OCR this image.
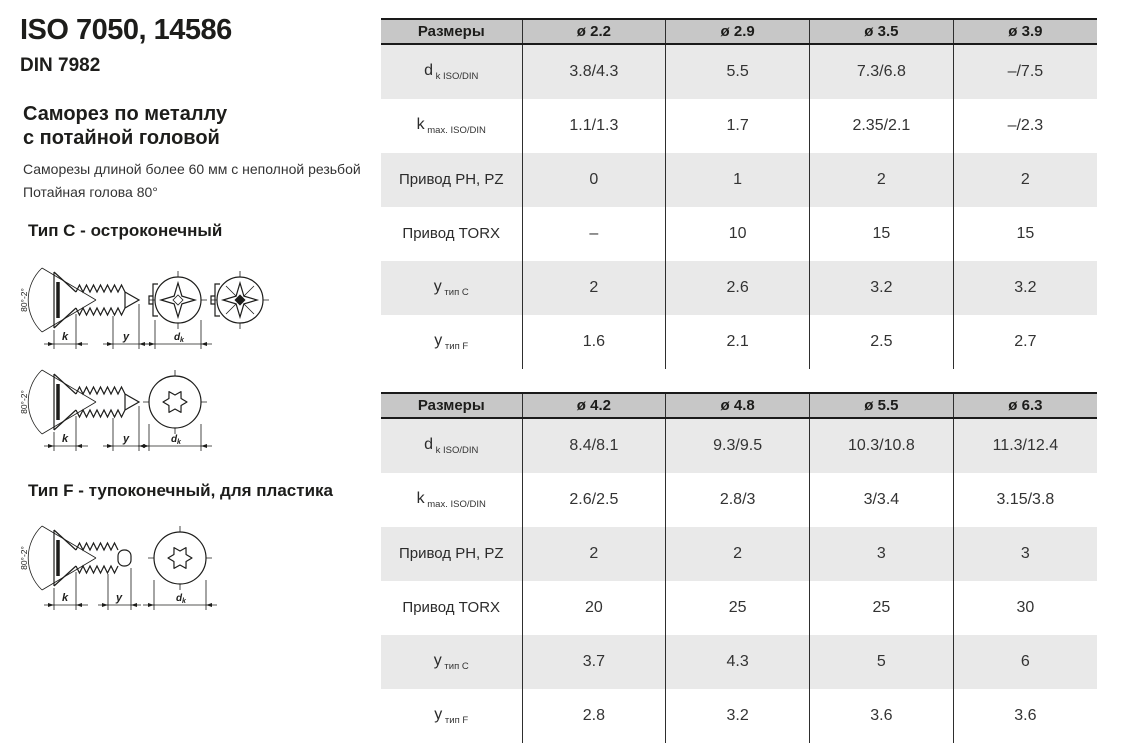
ISO 7050, 14586
DIN 7982
Саморез по металлу
с потайной головой
Саморезы длиной более 60 мм с неполной резьбой
Потайная голова 80°
Тип C - остроконечный
80°-2°
k	y	d k
80°-2°
k	y	d k
Тип F - тупоконечный, для пластика
80°-2°
k	y	d k
Размеры	ø 2.2	ø 2.9	ø 3.5	ø 3.9
d $_{k ISO/DIN}$	3.8/4.3	5.5	7.3/6.8	–/7.5
k $_{max. ISO/DIN}$	1.1/1.3	1.7	2.35/2.1	–/2.3
Привод PH, PZ	0	1	2	2
Привод TORX	–	10	15	15
y $_{тип C}$	2	2.6	3.2	3.2
y $_{тип F}$	1.6	2.1	2.5	2.7
Размеры	ø 4.2	ø 4.8	ø 5.5	ø 6.3
d $_{k ISO/DIN}$	8.4/8.1	9.3/9.5	10.3/10.8	11.3/12.4
k $_{max. ISO/DIN}$	2.6/2.5	2.8/3	3/3.4	3.15/3.8
Привод PH, PZ	2	2	3	3
Привод TORX	20	25	25	30
y $_{тип C}$	3.7	4.3	5	6
y $_{тип F}$	2.8	3.2	3.6	3.6
